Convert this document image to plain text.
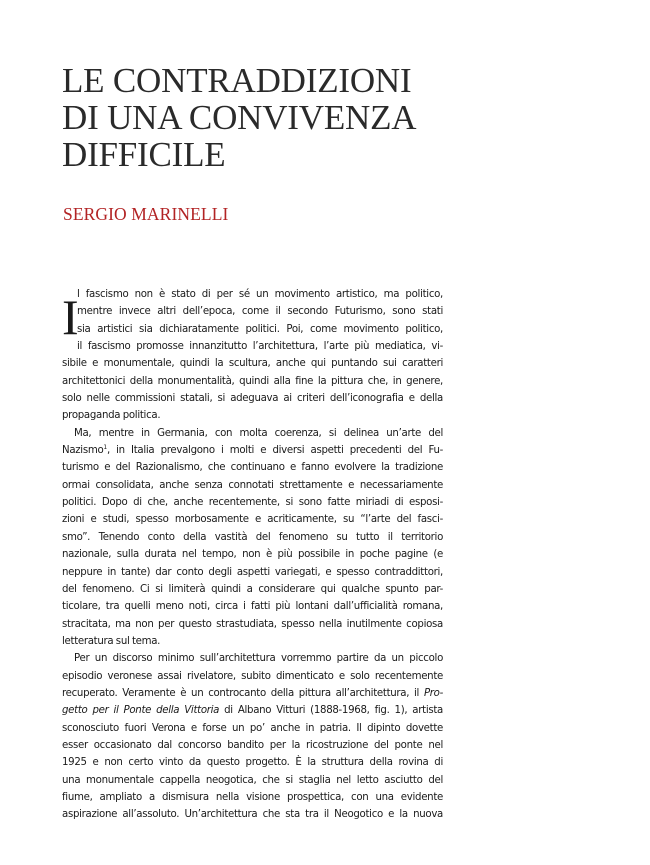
LE CONTRADDIZIONI
DI UNA CONVIVENZA
DIFFICILE
SERGIO MARINELLI
I
l fascismo non è stato di per sé un movimento artistico, ma politico,
mentre invece altri dell’epoca, come il secondo Futurismo, sono stati
sia artistici sia dichiaratamente politici. Poi, come movimento politico,
il fascismo promosse innanzitutto l’architettura, l’arte più mediatica, vi-
sibile e monumentale, quindi la scultura, anche qui puntando sui caratteri
architettonici della monumentalità, quindi alla fine la pittura che, in genere,
solo nelle commissioni statali, si adeguava ai criteri dell’iconografia e della
propaganda politica.
Ma, mentre in Germania, con molta coerenza, si delinea un’arte del
Nazismo$^1$, in Italia prevalgono i molti e diversi aspetti precedenti del Fu-
turismo e del Razionalismo, che continuano e fanno evolvere la tradizione
ormai consolidata, anche senza connotati strettamente e necessariamente
politici. Dopo di che, anche recentemente, si sono fatte miriadi di esposi-
zioni e studi, spesso morbosamente e acriticamente, su “l’arte del fasci-
smo”. Tenendo conto della vastità del fenomeno su tutto il territorio
nazionale, sulla durata nel tempo, non è più possibile in poche pagine (e
neppure in tante) dar conto degli aspetti variegati, e spesso contraddittori,
del fenomeno. Ci si limiterà quindi a considerare qui qualche spunto par-
ticolare, tra quelli meno noti, circa i fatti più lontani dall’ufficialità romana,
stracitata, ma non per questo strastudiata, spesso nella inutilmente copiosa
letteratura sul tema.
Per un discorso minimo sull’architettura vorremmo partire da un piccolo
episodio veronese assai rivelatore, subito dimenticato e solo recentemente
recuperato. Veramente è un controcanto della pittura all’architettura, il Pro-
getto per il Ponte della Vittoria di Albano Vitturi (1888-1968, fig. 1), artista
sconosciuto fuori Verona e forse un po’ anche in patria. Il dipinto dovette
esser occasionato dal concorso bandito per la ricostruzione del ponte nel
1925 e non certo vinto da questo progetto. È la struttura della rovina di
una monumentale cappella neogotica, che si staglia nel letto asciutto del
fiume, ampliato a dismisura nella visione prospettica, con una evidente
aspirazione all’assoluto. Un’architettura che sta tra il Neogotico e la nuova
